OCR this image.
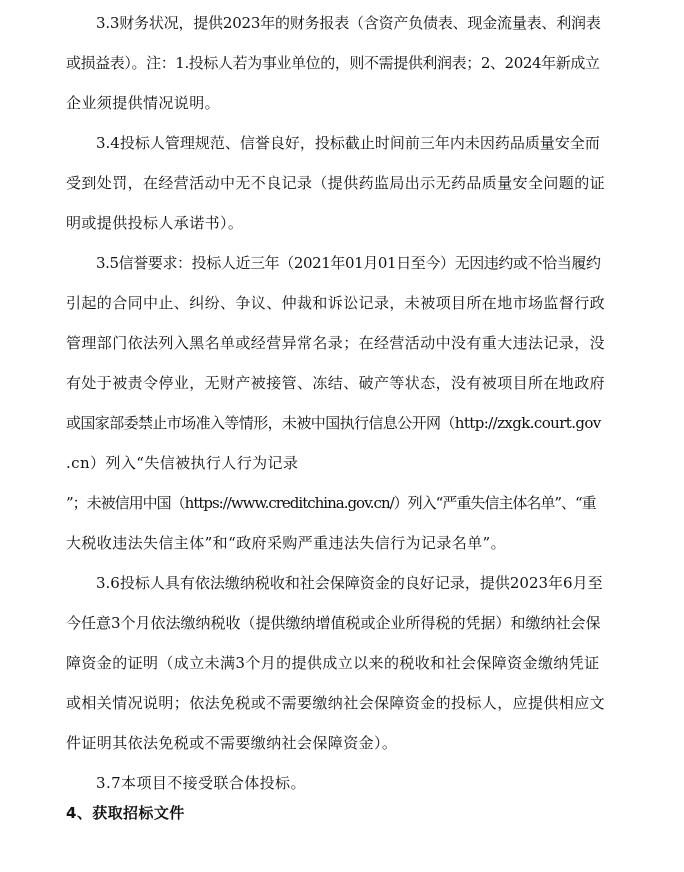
3.3财务状况，提供2023年的财务报表（含资产负债表、现金流量表、利润表
或损益表）。注：1.投标人若为事业单位的，则不需提供利润表；2、2024年新成立
企业须提供情况说明。
3.4投标人管理规范、信誉良好，投标截止时间前三年内未因药品质量安全而
受到处罚，在经营活动中无不良记录（提供药监局出示无药品质量安全问题的证
明或提供投标人承诺书）。
3.5信誉要求：投标人近三年（2021年01月01日至今）无因违约或不恰当履约
引起的合同中止、纠纷、争议、仲裁和诉讼记录，未被项目所在地市场监督行政
管理部门依法列入黑名单或经营异常名录；在经营活动中没有重大违法记录，没
有处于被责令停业，无财产被接管、冻结、破产等状态，没有被项目所在地政府
或国家部委禁止市场准入等情形，未被中国执行信息公开网（http://zxgk.court.gov
.cn）列入“失信被执行人行为记录
”；未被信用中国（https://www.creditchina.gov.cn/）列入“严重失信主体名单”、“重
大税收违法失信主体”和“政府采购严重违法失信行为记录名单”。
3.6投标人具有依法缴纳税收和社会保障资金的良好记录，提供2023年6月至
今任意3个月依法缴纳税收（提供缴纳增值税或企业所得税的凭据）和缴纳社会保
障资金的证明（成立未满3个月的提供成立以来的税收和社会保障资金缴纳凭证
或相关情况说明；依法免税或不需要缴纳社会保障资金的投标人，应提供相应文
件证明其依法免税或不需要缴纳社会保障资金）。
3.7本项目不接受联合体投标。
4、获取招标文件
